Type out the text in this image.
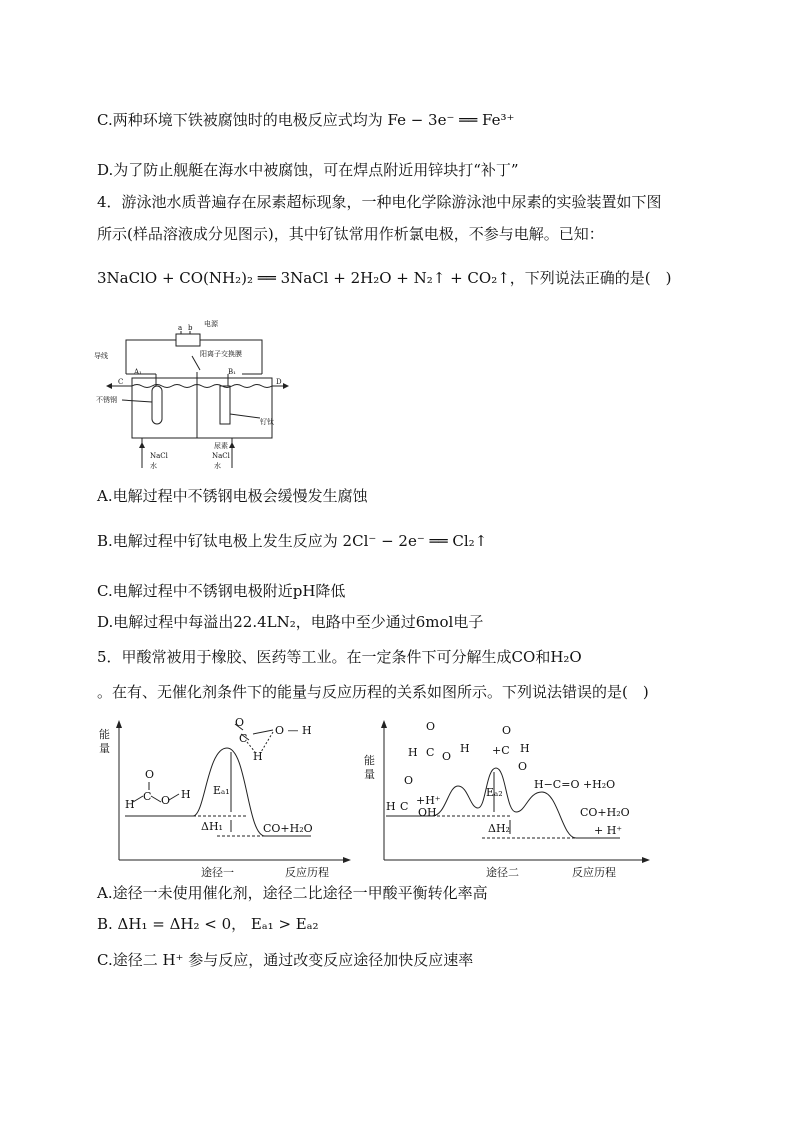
C.两种环境下铁被腐蚀时的电极反应式均为 Fe − 3e⁻ ══ Fe³⁺
D.为了防止舰艇在海水中被腐蚀，可在焊点附近用锌块打“补丁”
4．游泳池水质普遍存在尿素超标现象，一种电化学除游泳池中尿素的实验装置如下图
所示(样品溶液成分见图示)，其中钌钛常用作析氯电极，不参与电解。已知：
3NaClO + CO(NH₂)₂ ══ 3NaCl + 2H₂O + N₂↑ + CO₂↑，下列说法正确的是(　)
电源
a b
导线	阳离子交换膜
A₁	B₁
C	D
不锈钢
钌钛
NaCl
水
尿素
NaCl
水
A.电解过程中不锈钢电极会缓慢发生腐蚀
B.电解过程中钌钛电极上发生反应为 2Cl⁻ − 2e⁻ ══ Cl₂↑
C.电解过程中不锈钢电极附近pH降低
D.电解过程中每溢出22.4LN₂，电路中至少通过6mol电子
5．甲酸常被用于橡胶、医药等工业。在一定条件下可分解生成CO和H₂O
。在有、无催化剂条件下的能量与反应历程的关系如图所示。下列说法错误的是(　)
能
量
O
C
O — H
H
O
C
H O H Eₐ₁
ΔH₁	CO+H₂O
途径一	反应历程
能
量	O
H C +H⁺
OH
O
H C O
H
O
+C H
O
H−C=O +H₂O
Eₐ₂
ΔH₂
CO+H₂O
+ H⁺
途径二	反应历程
A.途径一未使用催化剂，途径二比途径一甲酸平衡转化率高
B. ΔH₁ = ΔH₂ < 0， Eₐ₁ > Eₐ₂
C.途径二 H⁺ 参与反应，通过改变反应途径加快反应速率
